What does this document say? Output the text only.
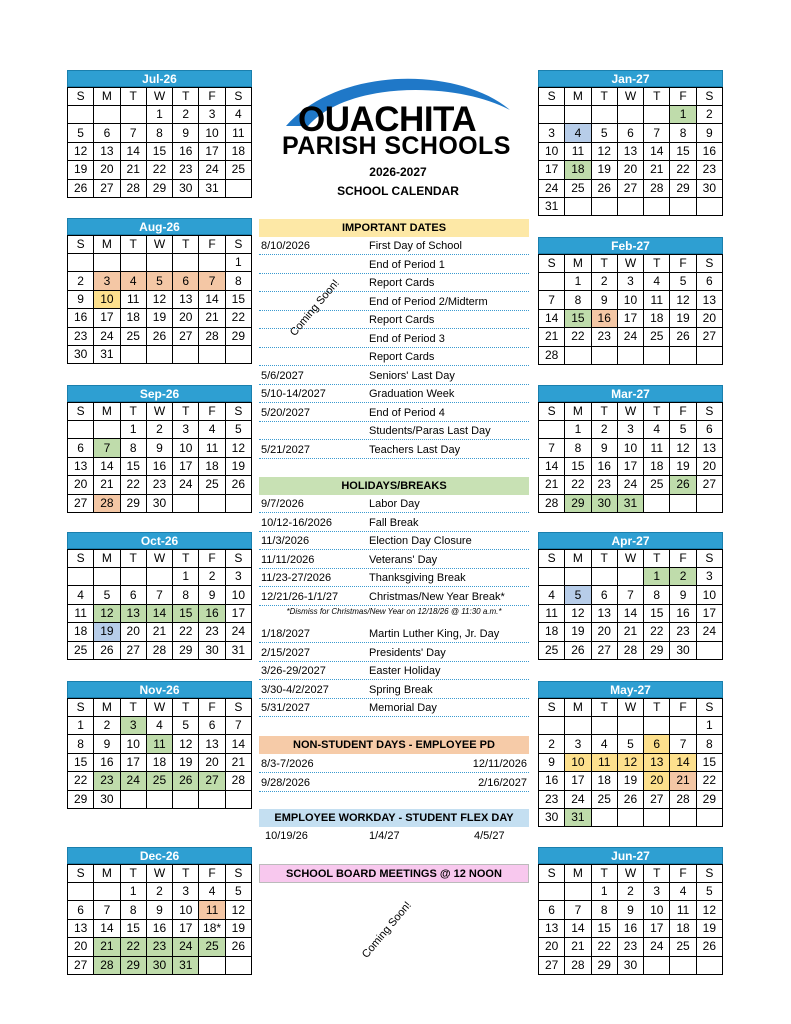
OUACHITA
PARISH SCHOOLS
2026-2027
SCHOOL CALENDAR
Jul-26
S	M	T	W	T	F	S
			1	2	3	4
5	6	7	8	9	10	11
12	13	14	15	16	17	18
19	20	21	22	23	24	25
26	27	28	29	30	31	
Aug-26
S	M	T	W	T	F	S
						1
2	3	4	5	6	7	8
9	10	11	12	13	14	15
16	17	18	19	20	21	22
23	24	25	26	27	28	29
30	31					
Sep-26
S	M	T	W	T	F	S
		1	2	3	4	5
6	7	8	9	10	11	12
13	14	15	16	17	18	19
20	21	22	23	24	25	26
27	28	29	30			
Oct-26
S	M	T	W	T	F	S
				1	2	3
4	5	6	7	8	9	10
11	12	13	14	15	16	17
18	19	20	21	22	23	24
25	26	27	28	29	30	31
Nov-26
S	M	T	W	T	F	S
1	2	3	4	5	6	7
8	9	10	11	12	13	14
15	16	17	18	19	20	21
22	23	24	25	26	27	28
29	30					
Dec-26
S	M	T	W	T	F	S
		1	2	3	4	5
6	7	8	9	10	11	12
13	14	15	16	17	18*	19
20	21	22	23	24	25	26
27	28	29	30	31		
Jan-27
S	M	T	W	T	F	S
					1	2
3	4	5	6	7	8	9
10	11	12	13	14	15	16
17	18	19	20	21	22	23
24	25	26	27	28	29	30
31						
Feb-27
S	M	T	W	T	F	S
	1	2	3	4	5	6
7	8	9	10	11	12	13
14	15	16	17	18	19	20
21	22	23	24	25	26	27
28						
Mar-27
S	M	T	W	T	F	S
	1	2	3	4	5	6
7	8	9	10	11	12	13
14	15	16	17	18	19	20
21	22	23	24	25	26	27
28	29	30	31			
Apr-27
S	M	T	W	T	F	S
				1	2	3
4	5	6	7	8	9	10
11	12	13	14	15	16	17
18	19	20	21	22	23	24
25	26	27	28	29	30	
May-27
S	M	T	W	T	F	S
						1
2	3	4	5	6	7	8
9	10	11	12	13	14	15
16	17	18	19	20	21	22
23	24	25	26	27	28	29
30	31					
Jun-27
S	M	T	W	T	F	S
		1	2	3	4	5
6	7	8	9	10	11	12
13	14	15	16	17	18	19
20	21	22	23	24	25	26
27	28	29	30			
IMPORTANT DATES
8/10/2026	First Day of School
End of Period 1
Report Cards
End of Period 2/Midterm
Report Cards
End of Period 3
Report Cards
5/6/2027	Seniors' Last Day
5/10-14/2027	Graduation Week
5/20/2027	End of Period 4
Students/Paras Last Day
5/21/2027	Teachers Last Day
Coming Soon!
HOLIDAYS/BREAKS
9/7/2026	Labor Day
10/12-16/2026	Fall Break
11/3/2026	Election Day Closure
11/11/2026	Veterans' Day
11/23-27/2026	Thanksgiving Break
12/21/26-1/1/27	Christmas/New Year Break*
*Dismiss for Christmas/New Year on 12/18/26 @ 11:30 a.m.*
1/18/2027	Martin Luther King, Jr. Day
2/15/2027	Presidents' Day
3/26-29/2027	Easter Holiday
3/30-4/2/2027	Spring Break
5/31/2027	Memorial Day
NON-STUDENT DAYS - EMPLOYEE PD
8/3-7/2026	12/11/2026
9/28/2026	2/16/2027
EMPLOYEE WORKDAY - STUDENT FLEX DAY
10/19/26	1/4/27	4/5/27
SCHOOL BOARD MEETINGS @ 12 NOON
Coming Soon!
